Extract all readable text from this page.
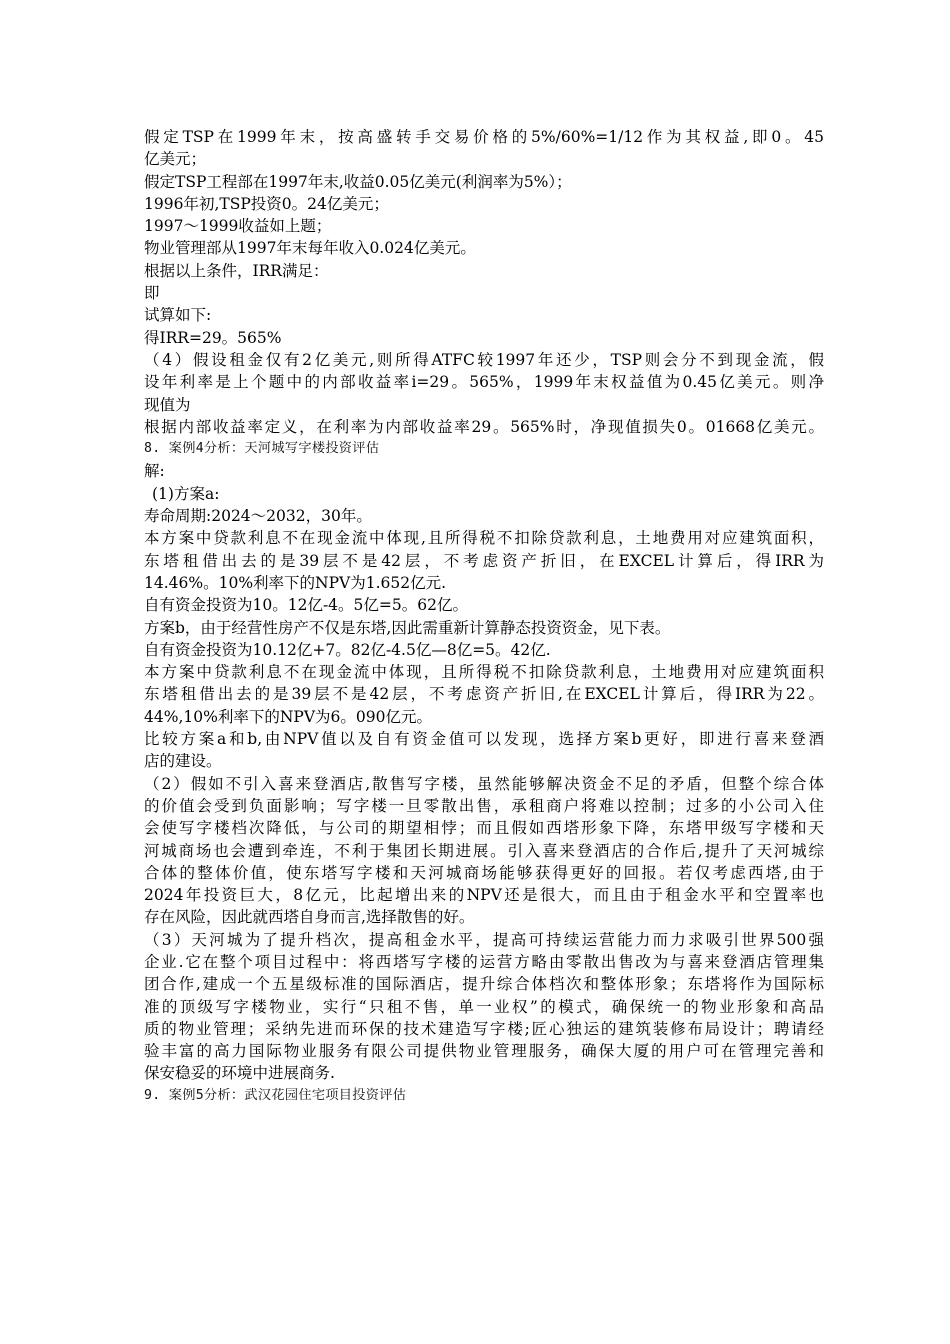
假定TSP在1999年末，按高盛转手交易价格的5%/60%=1/12作为其权益,即0。45
亿美元；
假定TSP工程部在1997年末,收益0.05亿美元(利润率为5%）；
1996年初,TSP投资0。24亿美元；
1997～1999收益如上题；
物业管理部从1997年末每年收入0.024亿美元。
根据以上条件，IRR满足：
即
试算如下:
得IRR=29。565%
（4）假设租金仅有2亿美元,则所得ATFC较1997年还少，TSP则会分不到现金流，假
设年利率是上个题中的内部收益率i=29。565%，1999年末权益值为0.45亿美元。则净
现值为
根据内部收益率定义，在利率为内部收益率29。565%时，净现值损失0。01668亿美元。
8. 案例4分析：天河城写字楼投资评估
解:
(1)方案a:
寿命周期:2024～2032，30年。
本方案中贷款利息不在现金流中体现,且所得税不扣除贷款利息，土地费用对应建筑面积，
东塔租借出去的是39层不是42层，不考虑资产折旧，在EXCEL计算后，得IRR为
14.46%。10%利率下的NPV为1.652亿元.
自有资金投资为10。12亿-4。5亿=5。62亿。
方案b，由于经营性房产不仅是东塔,因此需重新计算静态投资资金，见下表。
自有资金投资为10.12亿+7。82亿-4.5亿—8亿=5。42亿.
本方案中贷款利息不在现金流中体现，且所得税不扣除贷款利息，土地费用对应建筑面积
东塔租借出去的是39层不是42层，不考虑资产折旧,在EXCEL计算后，得IRR为22。
44%,10%利率下的NPV为6。090亿元。
比较方案a和b,由NPV值以及自有资金值可以发现，选择方案b更好，即进行喜来登酒
店的建设。
（2）假如不引入喜来登酒店,散售写字楼，虽然能够解决资金不足的矛盾，但整个综合体
的价值会受到负面影响；写字楼一旦零散出售，承租商户将难以控制；过多的小公司入住
会使写字楼档次降低，与公司的期望相悖；而且假如西塔形象下降，东塔甲级写字楼和天
河城商场也会遭到牵连，不利于集团长期进展。引入喜来登酒店的合作后,提升了天河城综
合体的整体价值，使东塔写字楼和天河城商场能够获得更好的回报。若仅考虑西塔,由于
2024年投资巨大，8亿元，比起增出来的NPV还是很大，而且由于租金水平和空置率也
存在风险，因此就西塔自身而言,选择散售的好。
（3）天河城为了提升档次，提高租金水平，提高可持续运营能力而力求吸引世界500强
企业.它在整个项目过程中：将西塔写字楼的运营方略由零散出售改为与喜来登酒店管理集
团合作,建成一个五星级标准的国际酒店，提升综合体档次和整体形象；东塔将作为国际标
准的顶级写字楼物业，实行“只租不售，单一业权”的模式，确保统一的物业形象和高品
质的物业管理；采纳先进而环保的技术建造写字楼;匠心独运的建筑装修布局设计；聘请经
验丰富的高力国际物业服务有限公司提供物业管理服务，确保大厦的用户可在管理完善和
保安稳妥的环境中进展商务.
9. 案例5分析：武汉花园住宅项目投资评估
